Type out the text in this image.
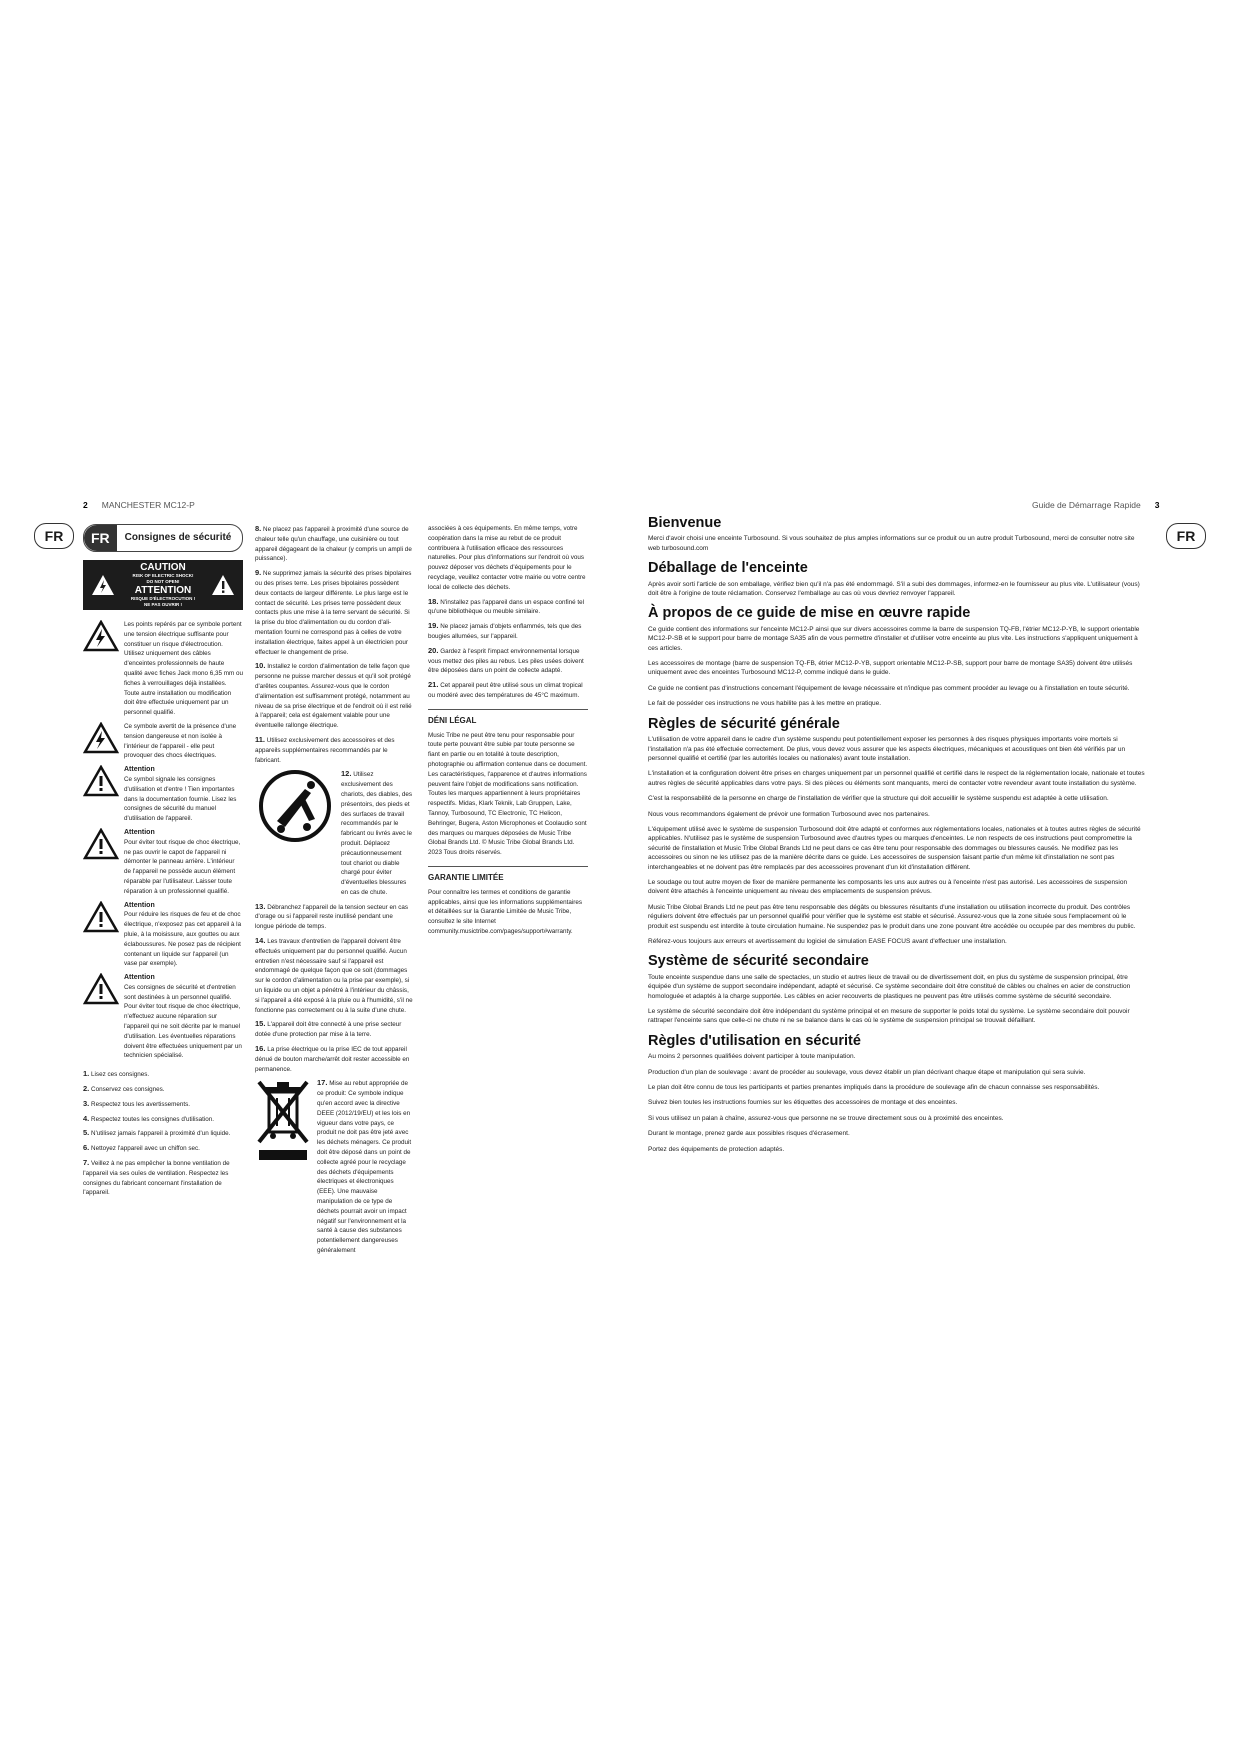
2 MANCHESTER MC12-P	Guide de Démarrage Rapide 3
FR	FR
FR	Consignes de sécurité
CAUTION
RISK OF ELECTRIC SHOCK!
DO NOT OPEN!
ATTENTION
RISQUE D'ÉLECTROCUTION !
NE PAS OUVRIR !
Les points repérés par ce symbole portent une tension électrique suffisante pour constituer un risque d'électrocution. Utilisez uniquement des câbles d'enceintes professionnels de haute qualité avec fiches Jack mono 6,35 mm ou fiches à verrouillages déjà installées. Toute autre installation ou modification doit être effectuée uniquement par un personnel qualifié.
Ce symbole avertit de la présence d'une tension dangereuse et non isolée à l'intérieur de l'appareil - elle peut provoquer des chocs électriques.
Attention
Ce symbol signale les consignes d'utilisation et d'entre ! Tien importantes dans la documentation fournie. Lisez les consignes de sécurité du manuel d'utilisation de l'appareil.
Attention
Pour éviter tout risque de choc électrique, ne pas ouvrir le capot de l'appareil ni démonter le panneau arrière. L'intérieur de l'appareil ne possède aucun élément réparable par l'utilisateur. Laisser toute réparation à un professionnel qualifié.
Attention
Pour réduire les risques de feu et de choc électrique, n'exposez pas cet appareil à la pluie, à la moisissure, aux gouttes ou aux éclaboussures. Ne posez pas de récipient contenant un liquide sur l'appareil (un vase par exemple).
Attention
Ces consignes de sécurité et d'entretien sont destinées à un personnel qualifié. Pour éviter tout risque de choc électrique, n'effectuez aucune réparation sur l'appareil qui ne soit décrite par le manuel d'utilisation. Les éventuelles réparations doivent être effectuées uniquement par un technicien spécialisé.

1. Lisez ces consignes.

2. Conservez ces consignes.

3. Respectez tous les avertissements.

4. Respectez toutes les consignes d'utilisation.

5. N'utilisez jamais l'appareil à proximité d'un liquide.

6. Nettoyez l'appareil avec un chiffon sec.

7. Veillez à ne pas empêcher la bonne ventilation de l'appareil via ses ouïes de ventilation. Respectez les consignes du fabricant concernant l'installation de l'appareil.

8. Ne placez pas l'appareil à proximité d'une source de chaleur telle qu'un chauffage, une cuisinière ou tout appareil dégageant de la chaleur (y compris un ampli de puissance).

9. Ne supprimez jamais la sécurité des prises bipolaires ou des prises terre. Les prises bipolaires possèdent deux contacts de largeur différente. Le plus large est le contact de sécurité. Les prises terre possèdent deux contacts plus une mise à la terre servant de sécurité. Si la prise du bloc d'alimentation ou du cordon d'ali-mentation fourni ne correspond pas à celles de votre installation électrique, faites appel à un électricien pour effectuer le changement de prise.

10. Installez le cordon d'alimentation de telle façon que personne ne puisse marcher dessus et qu'il soit protégé d'arêtes coupantes. Assurez-vous que le cordon d'alimentation est suffisamment protégé, notamment au niveau de sa prise électrique et de l'endroit où il est relié à l'appareil; cela est également valable pour une éventuelle rallonge électrique.

11. Utilisez exclusivement des accessoires et des appareils supplémentaires recommandés par le fabricant.

12. Utilisez exclusivement des chariots, des diables, des présentoirs, des pieds et des surfaces de travail recommandés par le fabricant ou livrés avec le produit. Déplacez précautionneusement tout chariot ou diable chargé pour éviter d'éventuelles blessures en cas de chute.

13. Débranchez l'appareil de la tension secteur en cas d'orage ou si l'appareil reste inutilisé pendant une longue période de temps.

14. Les travaux d'entretien de l'appareil doivent être effectués uniquement par du personnel qualifié. Aucun entretien n'est nécessaire sauf si l'appareil est endommagé de quelque façon que ce soit (dommages sur le cordon d'alimentation ou la prise par exemple), si un liquide ou un objet a pénétré à l'intérieur du châssis, si l'appareil a été exposé à la pluie ou à l'humidité, s'il ne fonctionne pas correctement ou à la suite d'une chute.

15. L'appareil doit être connecté à une prise secteur dotée d'une protection par mise à la terre.

16. La prise électrique ou la prise IEC de tout appareil dénué de bouton marche/arrêt doit rester accessible en permanence.

17. Mise au rebut appropriée de ce produit: Ce symbole indique qu'en accord avec la directive DEEE (2012/19/EU) et les lois en vigueur dans votre pays, ce produit ne doit pas être jeté avec les déchets ménagers. Ce produit doit être déposé dans un point de collecte agréé pour le recyclage des déchets d'équipements électriques et électroniques (EEE). Une mauvaise manipulation de ce type de déchets pourrait avoir un impact négatif sur l'environnement et la santé à cause des substances potentiellement dangereuses généralement

associées à ces équipements. En même temps, votre coopération dans la mise au rebut de ce produit contribuera à l'utilisation efficace des ressources naturelles. Pour plus d'informations sur l'endroit où vous pouvez déposer vos déchets d'équipements pour le recyclage, veuillez contacter votre mairie ou votre centre local de collecte des déchets.

18. N'installez pas l'appareil dans un espace confiné tel qu'une bibliothèque ou meuble similaire.

19. Ne placez jamais d'objets enflammés, tels que des bougies allumées, sur l'appareil.

20. Gardez à l'esprit l'impact environnemental lorsque vous mettez des piles au rebus. Les piles usées doivent être déposées dans un point de collecte adapté.

21. Cet appareil peut être utilisé sous un climat tropical ou modéré avec des températures de 45°C maximum.

DÉNI LÉGAL

Music Tribe ne peut être tenu pour responsable pour toute perte pouvant être subie par toute personne se fiant en partie ou en totalité à toute description, photographie ou affirmation contenue dans ce document. Les caractéristiques, l'apparence et d'autres informations peuvent faire l'objet de modifications sans notification. Toutes les marques appartiennent à leurs propriétaires respectifs. Midas, Klark Teknik, Lab Gruppen, Lake, Tannoy, Turbosound, TC Electronic, TC Helicon, Behringer, Bugera, Aston Microphones et Coolaudio sont des marques ou marques déposées de Music Tribe Global Brands Ltd. © Music Tribe Global Brands Ltd. 2023 Tous droits réservés.

GARANTIE LIMITÉE

Pour connaître les termes et conditions de garantie applicables, ainsi que les informations supplémentaires et détaillées sur la Garantie Limitée de Music Tribe, consultez le site Internet community.musictribe.com/pages/support#warranty.

Bienvenue

Merci d'avoir choisi une enceinte Turbosound. Si vous souhaitez de plus amples informations sur ce produit ou un autre produit Turbosound, merci de consulter notre site web turbosound.com

Déballage de l'enceinte

Après avoir sorti l'article de son emballage, vérifiez bien qu'il n'a pas été endommagé. S'il a subi des dommages, informez-en le fournisseur au plus vite. L'utilisateur (vous) doit être à l'origine de toute réclamation. Conservez l'emballage au cas où vous devriez renvoyer l'appareil.

À propos de ce guide de mise en œuvre rapide

Ce guide contient des informations sur l'enceinte MC12-P ainsi que sur divers accessoires comme la barre de suspension TQ-FB, l'étrier MC12-P-YB, le support orientable MC12-P-SB et le support pour barre de montage SA35 afin de vous permettre d'installer et d'utiliser votre enceinte au plus vite. Les instructions s'appliquent uniquement à ces articles.

Les accessoires de montage (barre de suspension TQ-FB, étrier MC12-P-YB, support orientable MC12-P-SB, support pour barre de montage SA35) doivent être utilisés uniquement avec des enceintes Turbosound MC12-P, comme indiqué dans le guide.

Ce guide ne contient pas d'instructions concernant l'équipement de levage nécessaire et n'indique pas comment procéder au levage ou à l'installation en toute sécurité.

Le fait de posséder ces instructions ne vous habilite pas à les mettre en pratique.

Règles de sécurité générale

L'utilisation de votre appareil dans le cadre d'un système suspendu peut potentiellement exposer les personnes à des risques physiques importants voire mortels si l'installation n'a pas été effectuée correctement. De plus, vous devez vous assurer que les aspects électriques, mécaniques et acoustiques ont bien été vérifiés par un personnel qualifié et certifié (par les autorités locales ou nationales) avant toute installation.

L'installation et la configuration doivent être prises en charges uniquement par un personnel qualifié et certifié dans le respect de la réglementation locale, nationale et toutes autres règles de sécurité applicables dans votre pays. Si des pièces ou éléments sont manquants, merci de contacter votre revendeur avant toute installation du système.

C'est la responsabilité de la personne en charge de l'installation de vérifier que la structure qui doit accueillir le système suspendu est adaptée à cette utilisation.

Nous vous recommandons également de prévoir une formation Turbosound avec nos partenaires.

L'équipement utilisé avec le système de suspension Turbosound doit être adapté et conformes aux réglementations locales, nationales et à toutes autres règles de sécurité applicables. N'utilisez pas le système de suspension Turbosound avec d'autres types ou marques d'enceintes. Le non respects de ces instructions peut compromettre la sécurité de l'installation et Music Tribe Global Brands Ltd ne peut dans ce cas être tenu pour responsable des dommages ou blessures causés. Ne modifiez pas les accessoires ou sinon ne les utilisez pas de la manière décrite dans ce guide. Les accessoires de suspension faisant partie d'un même kit d'installation ne sont pas interchangeables et ne doivent pas être remplacés par des accessoires provenant d'un kit d'installation différent.

Le soudage ou tout autre moyen de fixer de manière permanente les composants les uns aux autres ou à l'enceinte n'est pas autorisé. Les accessoires de suspension doivent être attachés à l'enceinte uniquement au niveau des emplacements de suspension prévus.

Music Tribe Global Brands Ltd ne peut pas être tenu responsable des dégâts ou blessures résultants d'une installation ou utilisation incorrecte du produit. Des contrôles réguliers doivent être effectués par un personnel qualifié pour vérifier que le système est stable et sécurisé. Assurez-vous que la zone située sous l'emplacement où le produit est suspendu est interdite à toute circulation humaine. Ne suspendez pas le produit dans une zone pouvant être accédée ou occupée par des membres du public.

Référez-vous toujours aux erreurs et avertissement du logiciel de simulation EASE FOCUS avant d'effectuer une installation.

Système de sécurité secondaire

Toute enceinte suspendue dans une salle de spectacles, un studio et autres lieux de travail ou de divertissement doit, en plus du système de suspension principal, être équipée d'un système de support secondaire indépendant, adapté et sécurisé. Ce système secondaire doit être constitué de câbles ou chaînes en acier de construction homologuée et adaptés à la charge supportée. Les câbles en acier recouverts de plastiques ne peuvent pas être utilisés comme système de sécurité secondaire.

Le système de sécurité secondaire doit être indépendant du système principal et en mesure de supporter le poids total du système. Le système secondaire doit pouvoir rattraper l'enceinte sans que celle-ci ne chute ni ne se balance dans le cas où le système de suspension principal se trouvait défaillant.

Règles d'utilisation en sécurité

Au moins 2 personnes qualifiées doivent participer à toute manipulation.

Production d'un plan de soulevage : avant de procéder au soulevage, vous devez établir un plan décrivant chaque étape et manipulation qui sera suivie.

Le plan doit être connu de tous les participants et parties prenantes impliqués dans la procédure de soulevage afin de chacun connaisse ses responsabilités.

Suivez bien toutes les instructions fournies sur les étiquettes des accessoires de montage et des enceintes.

Si vous utilisez un palan à chaîne, assurez-vous que personne ne se trouve directement sous ou à proximité des enceintes.

Durant le montage, prenez garde aux possibles risques d'écrasement.

Portez des équipements de protection adaptés.
